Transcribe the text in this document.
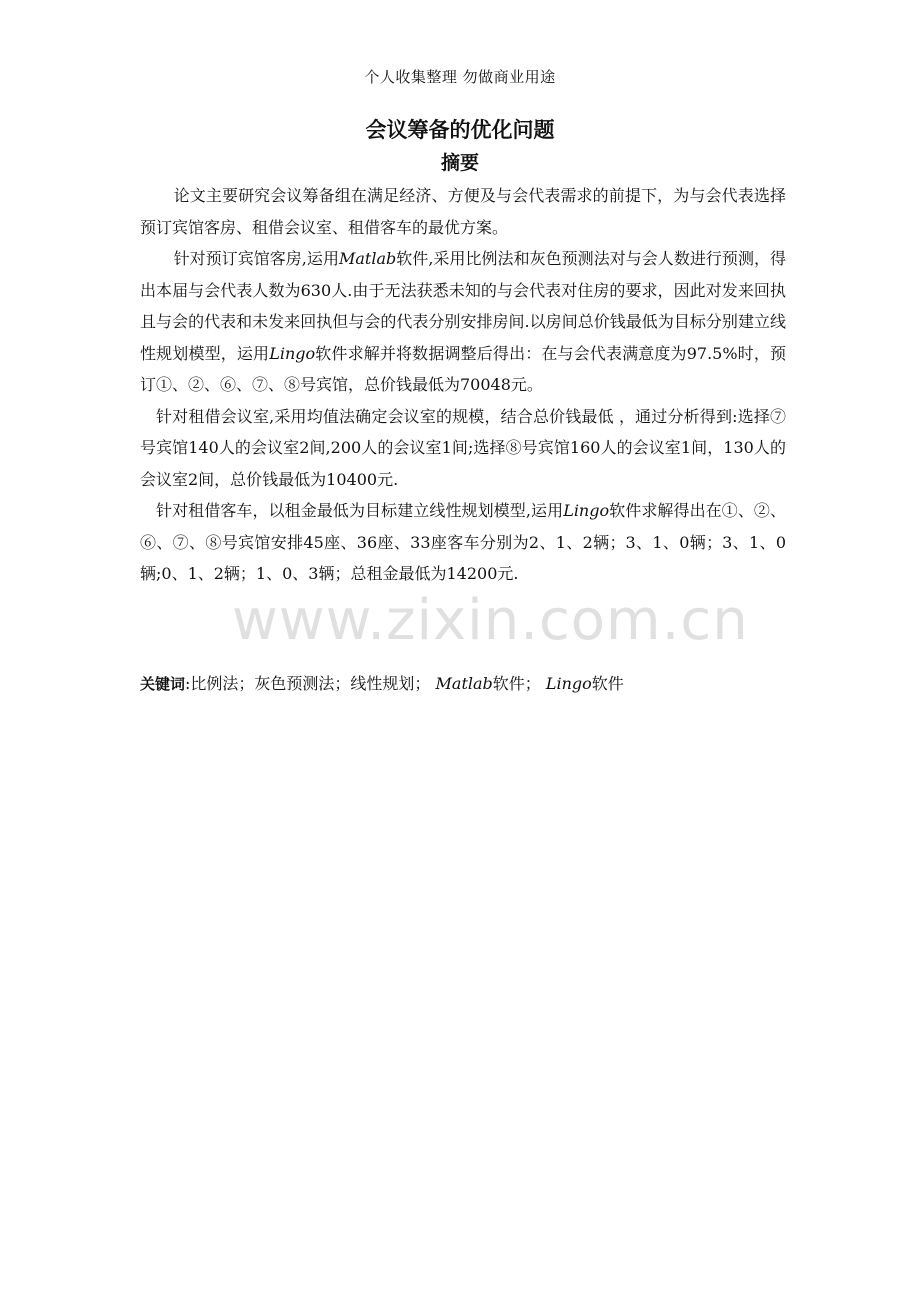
个人收集整理 勿做商业用途
会议筹备的优化问题
摘要

论文主要研究会议筹备组在满足经济、方便及与会代表需求的前提下，为与会代表选择预订宾馆客房、租借会议室、租借客车的最优方案。

针对预订宾馆客房,运用Matlab软件,采用比例法和灰色预测法对与会人数进行预测，得出本届与会代表人数为630人.由于无法获悉未知的与会代表对住房的要求，因此对发来回执且与会的代表和未发来回执但与会的代表分别安排房间.以房间总价钱最低为目标分别建立线性规划模型，运用Lingo软件求解并将数据调整后得出：在与会代表满意度为97.5%时，预订①、②、⑥、⑦、⑧号宾馆，总价钱最低为70048元。

针对租借会议室,采用均值法确定会议室的规模，结合总价钱最低 ，通过分析得到:选择⑦号宾馆140人的会议室2间,200人的会议室1间;选择⑧号宾馆160人的会议室1间，130人的会议室2间，总价钱最低为10400元.

针对租借客车，以租金最低为目标建立线性规划模型,运用Lingo软件求解得出在①、②、⑥、⑦、⑧号宾馆安排45座、36座、33座客车分别为2、1、2辆；3、1、0辆；3、1、0辆;0、1、2辆；1、0、3辆；总租金最低为14200元.

关键词:比例法；灰色预测法；线性规划； Matlab软件； Lingo软件
www.zixin.com.cn
